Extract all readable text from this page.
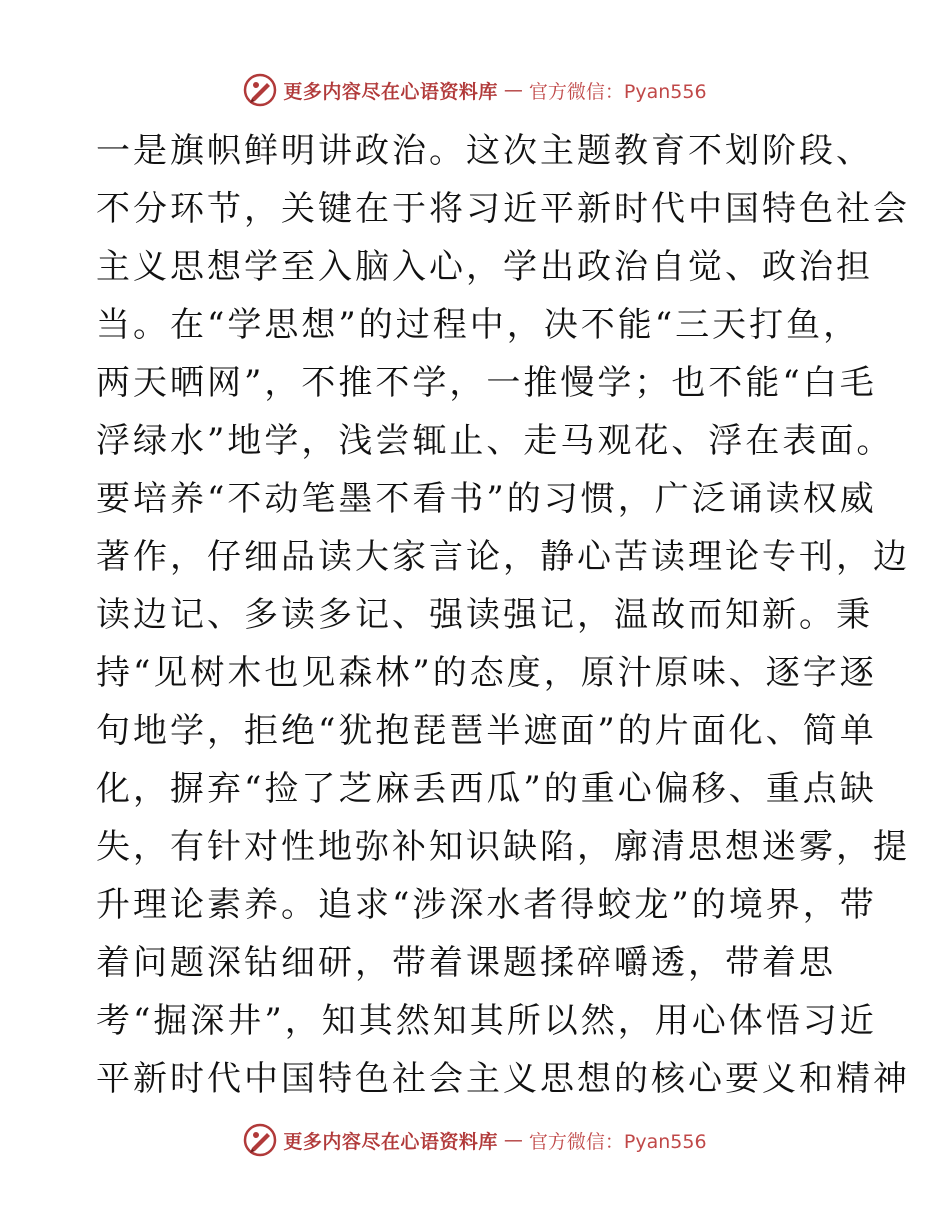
更多内容尽在心语资料库 — 官方微信：Pyan556
一是旗帜鲜明讲政治。这次主题教育不划阶段、
不分环节，关键在于将习近平新时代中国特色社会
主义思想学至入脑入心，学出政治自觉、政治担
当。在“学思想”的过程中，决不能“三天打鱼，
两天晒网”，不推不学，一推慢学；也不能“白毛
浮绿水”地学，浅尝辄止、走马观花、浮在表面。
要培养“不动笔墨不看书”的习惯，广泛诵读权威
著作，仔细品读大家言论，静心苦读理论专刊，边
读边记、多读多记、强读强记，温故而知新。秉
持“见树木也见森林”的态度，原汁原味、逐字逐
句地学，拒绝“犹抱琵琶半遮面”的片面化、简单
化，摒弃“捡了芝麻丢西瓜”的重心偏移、重点缺
失，有针对性地弥补知识缺陷，廓清思想迷雾，提
升理论素养。追求“涉深水者得蛟龙”的境界，带
着问题深钻细研，带着课题揉碎嚼透，带着思
考“掘深井”，知其然知其所以然，用心体悟习近
平新时代中国特色社会主义思想的核心要义和精神
更多内容尽在心语资料库 — 官方微信：Pyan556
